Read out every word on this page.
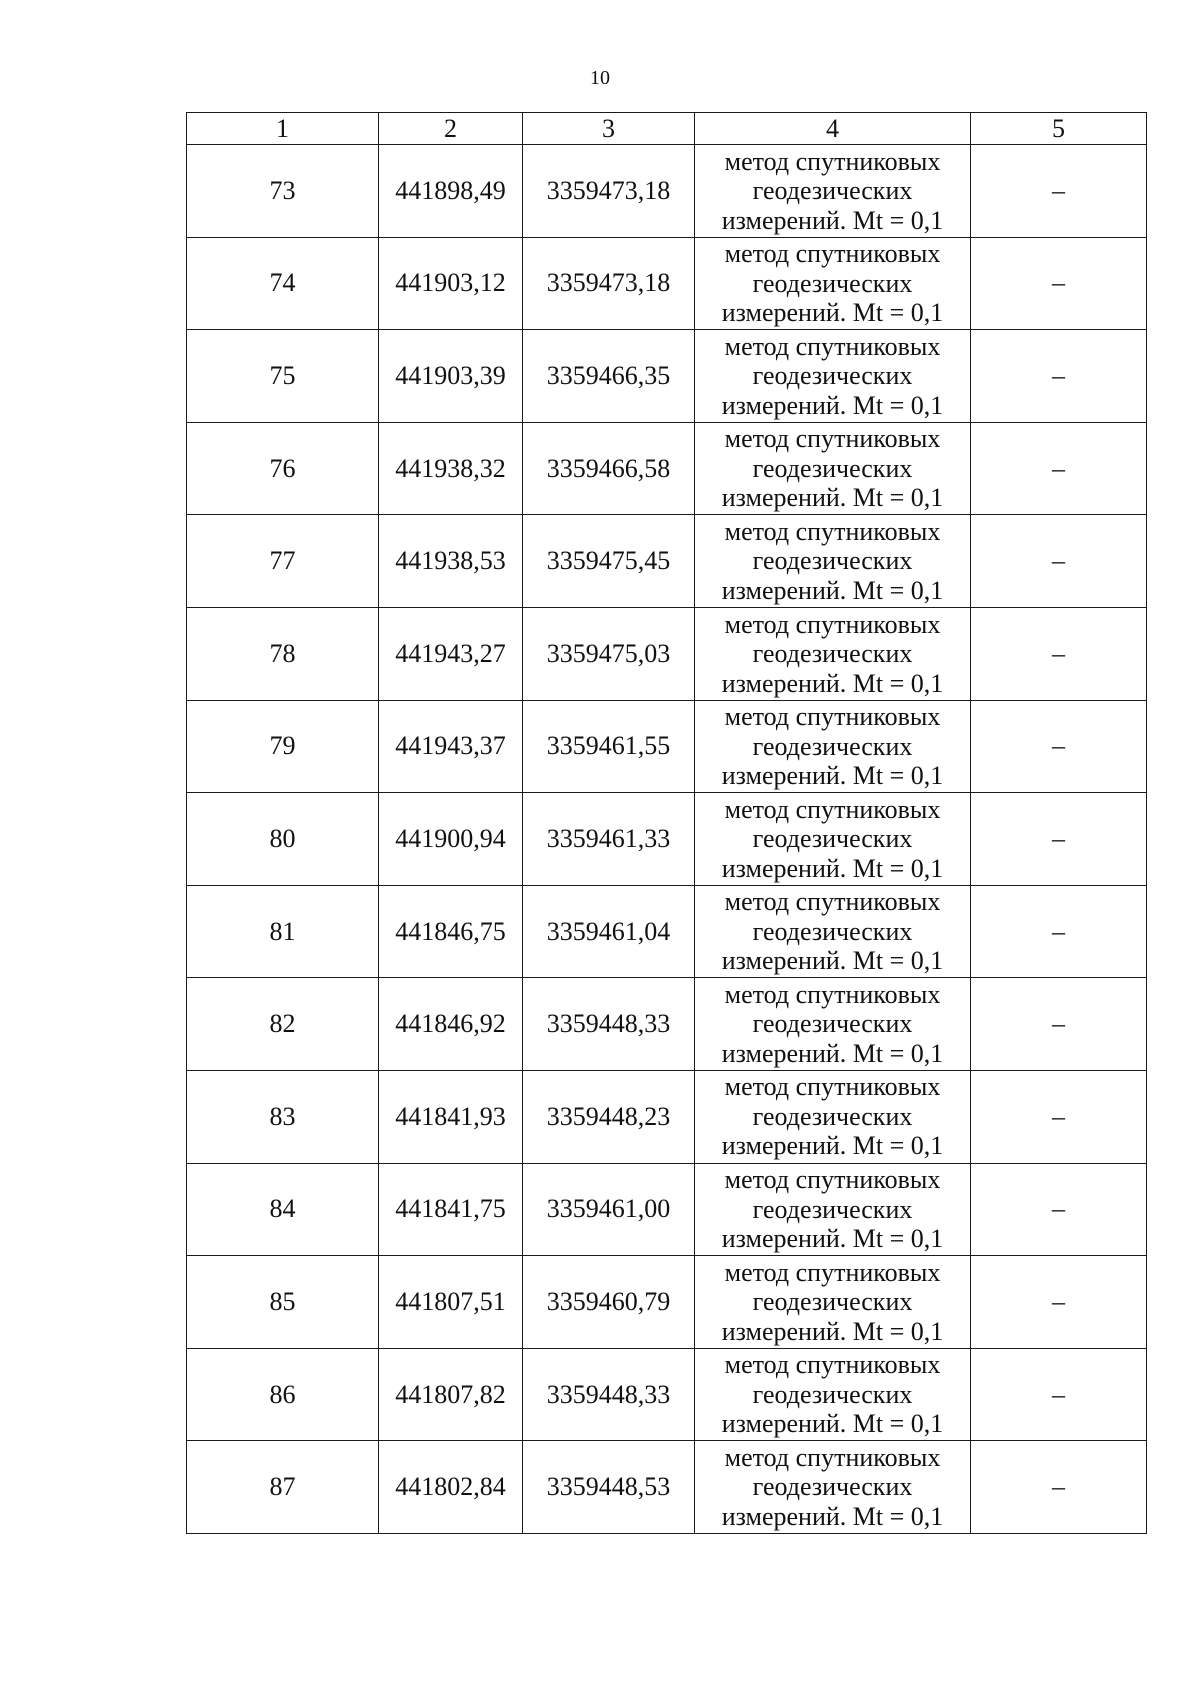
10
1	2	3	4	5
73	441898,49	3359473,18	метод спутниковых
геодезических
измерений. Mt = 0,1	–
74	441903,12	3359473,18	метод спутниковых
геодезических
измерений. Mt = 0,1	–
75	441903,39	3359466,35	метод спутниковых
геодезических
измерений. Mt = 0,1	–
76	441938,32	3359466,58	метод спутниковых
геодезических
измерений. Mt = 0,1	–
77	441938,53	3359475,45	метод спутниковых
геодезических
измерений. Mt = 0,1	–
78	441943,27	3359475,03	метод спутниковых
геодезических
измерений. Mt = 0,1	–
79	441943,37	3359461,55	метод спутниковых
геодезических
измерений. Mt = 0,1	–
80	441900,94	3359461,33	метод спутниковых
геодезических
измерений. Mt = 0,1	–
81	441846,75	3359461,04	метод спутниковых
геодезических
измерений. Mt = 0,1	–
82	441846,92	3359448,33	метод спутниковых
геодезических
измерений. Mt = 0,1	–
83	441841,93	3359448,23	метод спутниковых
геодезических
измерений. Mt = 0,1	–
84	441841,75	3359461,00	метод спутниковых
геодезических
измерений. Mt = 0,1	–
85	441807,51	3359460,79	метод спутниковых
геодезических
измерений. Mt = 0,1	–
86	441807,82	3359448,33	метод спутниковых
геодезических
измерений. Mt = 0,1	–
87	441802,84	3359448,53	метод спутниковых
геодезических
измерений. Mt = 0,1	–
